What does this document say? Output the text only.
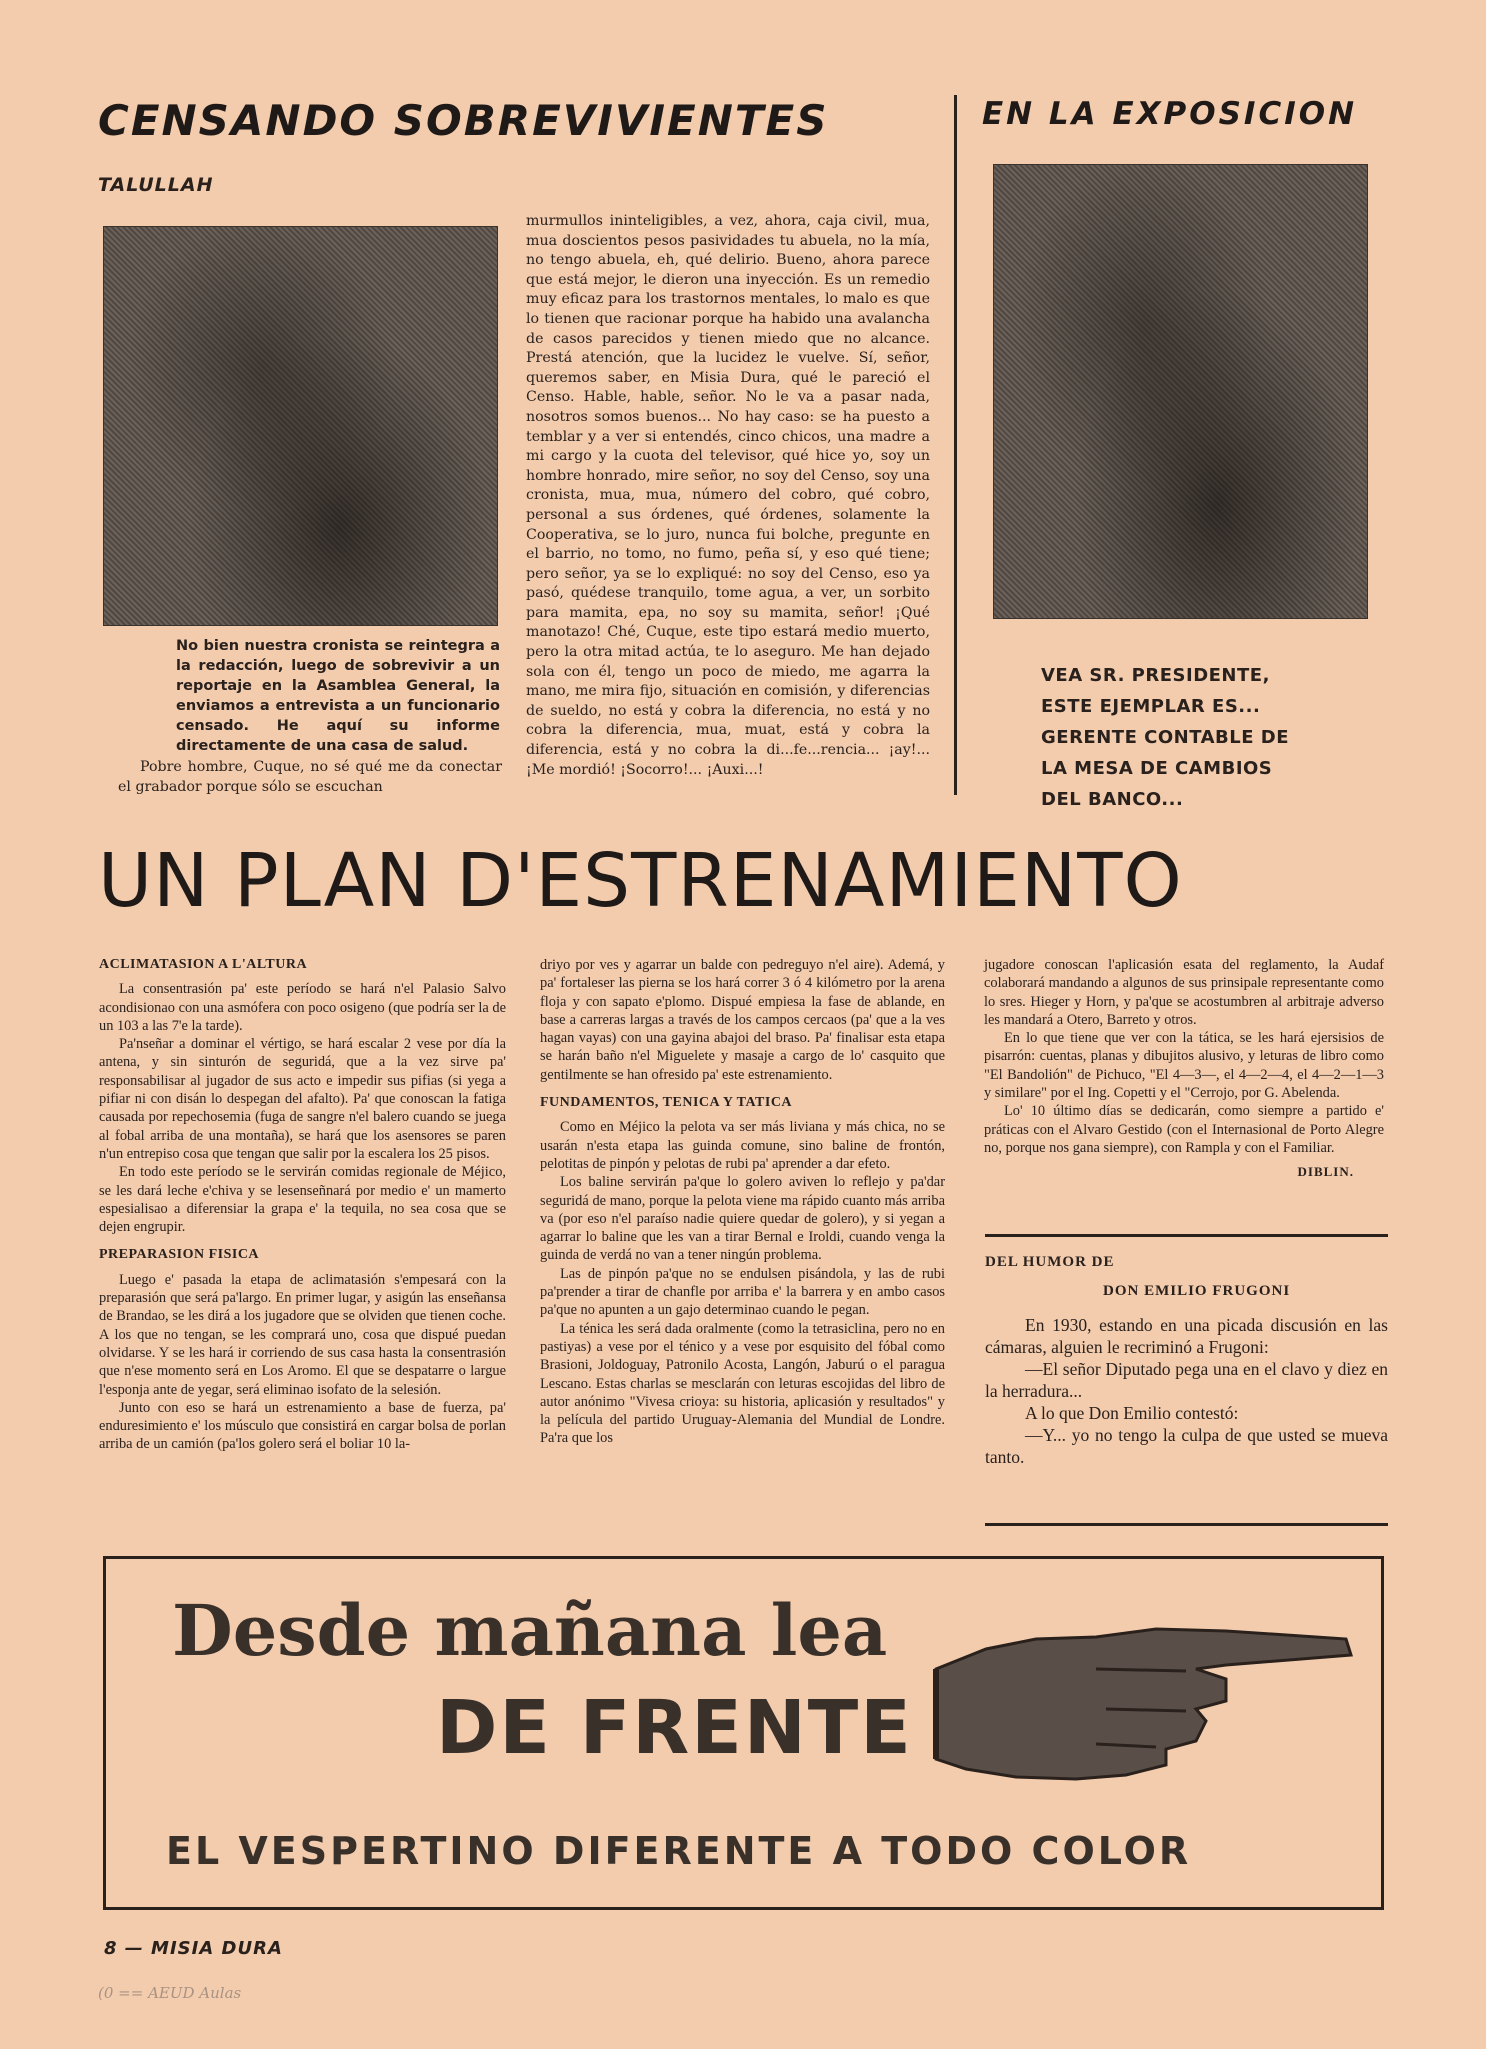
CENSANDO SOBREVIVIENTES
TALULLAH
No bien nuestra cronista se reintegra a la redacción, luego de sobrevivir a un reportaje en la Asamblea General, la enviamos a entrevista a un funcionario censado. He aquí su informe directamente de una casa de salud.

Pobre hombre, Cuque, no sé qué me da conectar el grabador porque sólo se escuchan

murmullos ininteligibles, a vez, ahora, caja civil, mua, mua doscientos pesos pasividades tu abuela, no la mía, no tengo abuela, eh, qué delirio. Bueno, ahora parece que está mejor, le dieron una inyección. Es un remedio muy eficaz para los trastornos mentales, lo malo es que lo tienen que racionar porque ha habido una avalancha de casos parecidos y tienen miedo que no alcance. Prestá atención, que la lucidez le vuelve. Sí, señor, queremos saber, en Misia Dura, qué le pareció el Censo. Hable, hable, señor. No le va a pasar nada, nosotros somos buenos... No hay caso: se ha puesto a temblar y a ver si entendés, cinco chicos, una madre a mi cargo y la cuota del televisor, qué hice yo, soy un hombre honrado, mire señor, no soy del Censo, soy una cronista, mua, mua, número del cobro, qué cobro, personal a sus órdenes, qué órdenes, solamente la Cooperativa, se lo juro, nunca fui bolche, pregunte en el barrio, no tomo, no fumo, peña sí, y eso qué tiene; pero señor, ya se lo expliqué: no soy del Censo, eso ya pasó, quédese tranquilo, tome agua, a ver, un sorbito para mamita, epa, no soy su mamita, señor! ¡Qué manotazo! Ché, Cuque, este tipo estará medio muerto, pero la otra mitad actúa, te lo aseguro. Me han dejado sola con él, tengo un poco de miedo, me agarra la mano, me mira fijo, situación en comisión, y diferencias de sueldo, no está y cobra la diferencia, no está y no cobra la diferencia, mua, muat, está y cobra la diferencia, está y no cobra la di...fe...rencia... ¡ay!... ¡Me mordió! ¡Socorro!... ¡Auxi...!

EN LA EXPOSICION
VEA SR. PRESIDENTE,
ESTE EJEMPLAR ES...
GERENTE CONTABLE DE
LA MESA DE CAMBIOS
DEL BANCO...
UN PLAN D'ESTRENAMIENTO
ACLIMATASION A L'ALTURA

La consentrasión pa' este período se hará n'el Palasio Salvo acondisionao con una asmófera con poco osigeno (que podría ser la de un 103 a las 7'e la tarde).

Pa'nseñar a dominar el vértigo, se hará escalar 2 vese por día la antena, y sin sinturón de seguridá, que a la vez sirve pa' responsabilisar al jugador de sus acto e impedir sus pifias (si yega a pifiar ni con disán lo despegan del afalto). Pa' que conoscan la fatiga causada por repechosemia (fuga de sangre n'el balero cuando se juega al fobal arriba de una montaña), se hará que los asensores se paren n'un entrepiso cosa que tengan que salir por la escalera los 25 pisos.

En todo este período se le servirán comidas regionale de Méjico, se les dará leche e'chiva y se lesenseñnará por medio e' un mamerto espesialisao a diferensiar la grapa e' la tequila, no sea cosa que se dejen engrupir.

PREPARASION FISICA

Luego e' pasada la etapa de aclimatasión s'empesará con la preparasión que será pa'largo. En primer lugar, y asigún las enseñansa de Brandao, se les dirá a los jugadore que se olviden que tienen coche. A los que no tengan, se les comprará uno, cosa que dispué puedan olvidarse. Y se les hará ir corriendo de sus casa hasta la consentrasión que n'ese momento será en Los Aromo. El que se despatarre o largue l'esponja ante de yegar, será eliminao isofato de la selesión.

Junto con eso se hará un estrenamiento a base de fuerza, pa' enduresimiento e' los músculo que consistirá en cargar bolsa de porlan arriba de un camión (pa'los golero será el boliar 10 la-

driyo por ves y agarrar un balde con pedreguyo n'el aire). Ademá, y pa' fortaleser las pierna se los hará correr 3 ó 4 kilómetro por la arena floja y con sapato e'plomo. Dispué empiesa la fase de ablande, en base a carreras largas a través de los campos cercaos (pa' que a la ves hagan vayas) con una gayina abajoi del braso. Pa' finalisar esta etapa se harán baño n'el Miguelete y masaje a cargo de lo' casquito que gentilmente se han ofresido pa' este estrenamiento.

FUNDAMENTOS, TENICA Y TATICA

Como en Méjico la pelota va ser más liviana y más chica, no se usarán n'esta etapa las guinda comune, sino baline de frontón, pelotitas de pinpón y pelotas de rubi pa' aprender a dar efeto.

Los baline servirán pa'que lo golero aviven lo reflejo y pa'dar seguridá de mano, porque la pelota viene ma rápido cuanto más arriba va (por eso n'el paraíso nadie quiere quedar de golero), y si yegan a agarrar lo baline que les van a tirar Bernal e Iroldi, cuando venga la guinda de verdá no van a tener ningún problema.

Las de pinpón pa'que no se endulsen pisándola, y las de rubi pa'prender a tirar de chanfle por arriba e' la barrera y en ambo casos pa'que no apunten a un gajo determinao cuando le pegan.

La ténica les será dada oralmente (como la tetrasiclina, pero no en pastiyas) a vese por el ténico y a vese por esquisito del fóbal como Brasioni, Joldoguay, Patronilo Acosta, Langón, Jaburú o el paragua Lescano. Estas charlas se mesclarán con leturas escojidas del libro de autor anónimo "Vivesa crioya: su historia, aplicasión y resultados" y la película del partido Uruguay-Alemania del Mundial de Londre. Pa'ra que los

jugadore conoscan l'aplicasión esata del reglamento, la Audaf colaborará mandando a algunos de sus prinsipale representante como lo sres. Hieger y Horn, y pa'que se acostumbren al arbitraje adverso les mandará a Otero, Barreto y otros.

En lo que tiene que ver con la tática, se les hará ejersisios de pisarrón: cuentas, planas y dibujitos alusivo, y leturas de libro como "El Bandolión" de Pichuco, "El 4—3—, el 4—2—4, el 4—2—1—3 y similare" por el Ing. Copetti y el "Cerrojo, por G. Abelenda.

Lo' 10 último días se dedicarán, como siempre a partido e' práticas con el Alvaro Gestido (con el Internasional de Porto Alegre no, porque nos gana siempre), con Rampla y con el Familiar.

DIBLIN.
DEL HUMOR DE
DON EMILIO FRUGONI

En 1930, estando en una picada discusión en las cámaras, alguien le recriminó a Frugoni:

—El señor Diputado pega una en el clavo y diez en la herradura...

A lo que Don Emilio contestó:

—Y... yo no tengo la culpa de que usted se mueva tanto.

Desde mañana lea
DE FRENTE
EL VESPERTINO DIFERENTE A TODO COLOR
8 — MISIA DURA
(0 == AEUD Aulas
